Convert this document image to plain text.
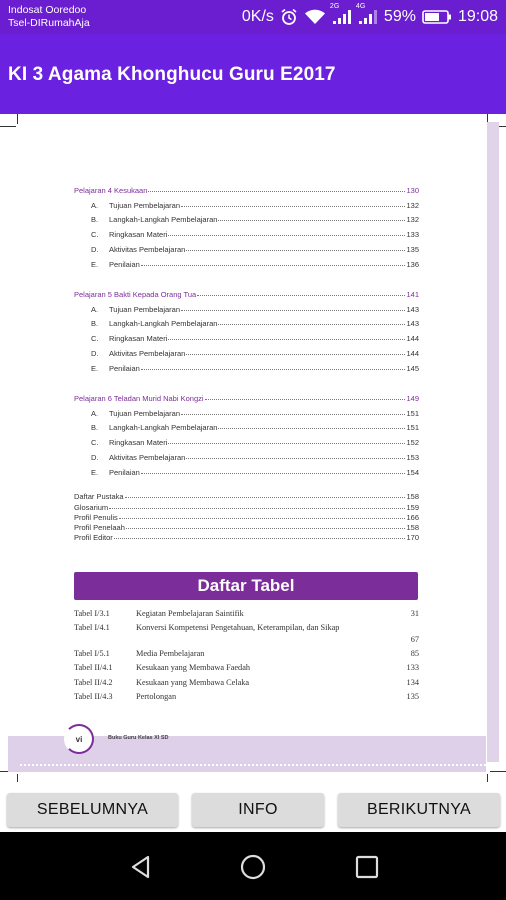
Indosat Ooredoo
Tsel-DIRumahAja	0K/s
2G 4G
59%	19:08
KI 3 Agama Khonghucu Guru E2017
Pelajaran 4 Kesukaan	130
A.	Tujuan Pembelajaran	132
B.	Langkah-Langkah Pembelajaran	132
C.	Ringkasan Materi	133
D.	Aktivitas Pembelajaran	135
E.	Penilaian	136
Pelajaran 5 Bakti Kepada Orang Tua	141
A.	Tujuan Pembelajaran	143
B.	Langkah-Langkah Pembelajaran	143
C.	Ringkasan Materi	144
D.	Aktivitas Pembelajaran	144
E.	Penilaian	145
Pelajaran 6 Teladan Murid Nabi Kongzi	149
A.	Tujuan Pembelajaran	151
B.	Langkah-Langkah Pembelajaran	151
C.	Ringkasan Materi	152
D.	Aktivitas Pembelajaran	153
E.	Penilaian	154
Daftar Pustaka	158
Glosarium	159
Profil Penulis	166
Profil Penelaah	158
Profil Editor	170
Daftar Tabel
Tabel I/3.1	Kegiatan Pembelajaran Saintifik	31
Tabel I/4.1	Konversi Kompetensi Pengetahuan, Keterampilan, dan Sikap
67
Tabel I/5.1	Media Pembelajaran	85
Tabel II/4.1	Kesukaan yang Membawa Faedah	133
Tabel II/4.2	Kesukaan yang Membawa Celaka	134
Tabel II/4.3	Pertolongan	135
vi	Buku Guru Kelas XI SD
SEBELUMNYA	INFO	BERIKUTNYA
